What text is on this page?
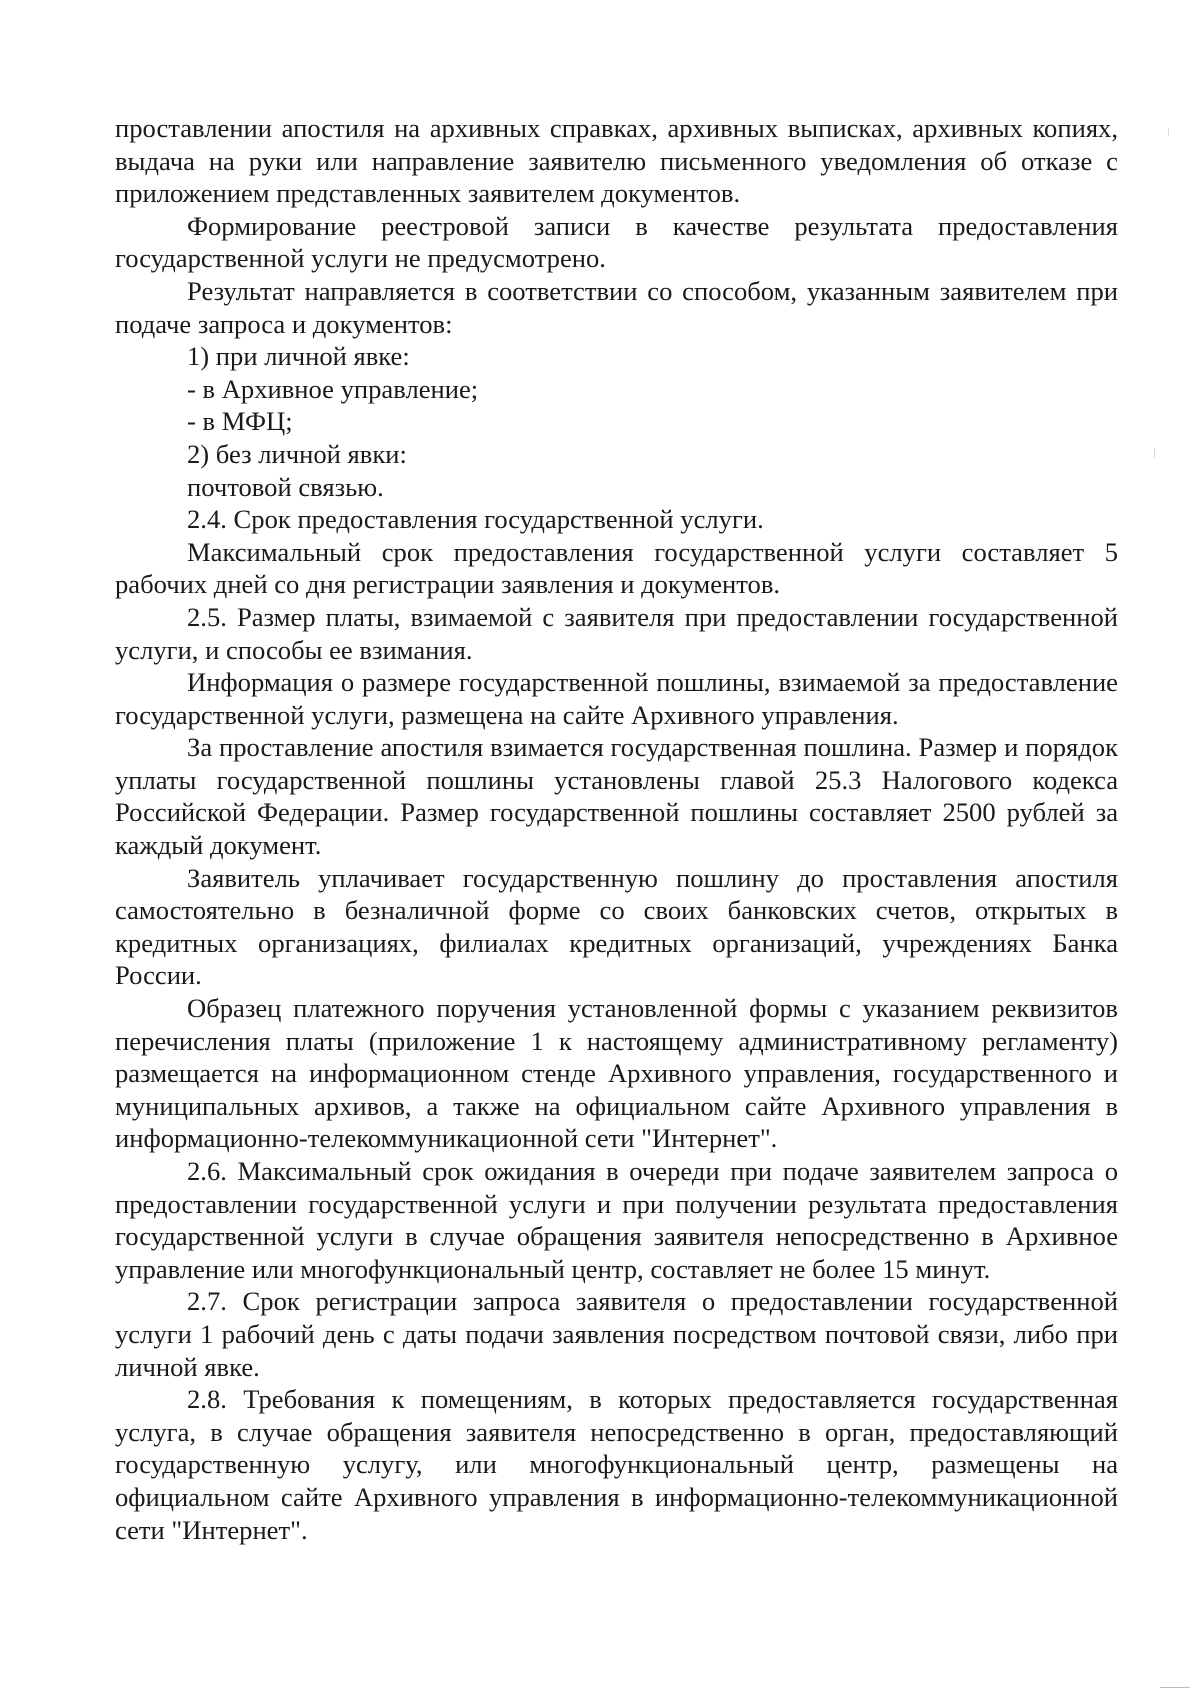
проставлении апостиля на архивных справках, архивных выписках, архивных копиях, выдача на руки или направление заявителю письменного уведомления об отказе с приложением представленных заявителем документов.

Формирование реестровой записи в качестве результата предоставления государственной услуги не предусмотрено.

Результат направляется в соответствии со способом, указанным заявителем при подаче запроса и документов:

1) при личной явке:

- в Архивное управление;

- в МФЦ;

2) без личной явки:

почтовой связью.

2.4. Срок предоставления государственной услуги.

Максимальный срок предоставления государственной услуги составляет 5 рабочих дней со дня регистрации заявления и документов.

2.5. Размер платы, взимаемой с заявителя при предоставлении государственной услуги, и способы ее взимания.

Информация о размере государственной пошлины, взимаемой за предоставление государственной услуги, размещена на сайте Архивного управления.

За проставление апостиля взимается государственная пошлина. Размер и порядок уплаты государственной пошлины установлены главой 25.3 Налогового кодекса Российской Федерации. Размер государственной пошлины составляет 2500 рублей за каждый документ.

Заявитель уплачивает государственную пошлину до проставления апостиля самостоятельно в безналичной форме со своих банковских счетов, открытых в кредитных организациях, филиалах кредитных организаций, учреждениях Банка России.

Образец платежного поручения установленной формы с указанием реквизитов перечисления платы (приложение 1 к настоящему административному регламенту) размещается на информационном стенде Архивного управления, государственного и муниципальных архивов, а также на официальном сайте Архивного управления в информационно-телекоммуникационной сети "Интернет".

2.6. Максимальный срок ожидания в очереди при подаче заявителем запроса о предоставлении государственной услуги и при получении результата предоставления государственной услуги в случае обращения заявителя непосредственно в Архивное управление или многофункциональный центр, составляет не более 15 минут.

2.7. Срок регистрации запроса заявителя о предоставлении государственной услуги 1 рабочий день с даты подачи заявления посредством почтовой связи, либо при личной явке.

2.8. Требования к помещениям, в которых предоставляется государственная услуга, в случае обращения заявителя непосредственно в орган, предоставляющий государственную услугу, или многофункциональный центр, размещены на официальном сайте Архивного управления в информационно-телекоммуникационной сети "Интернет".
